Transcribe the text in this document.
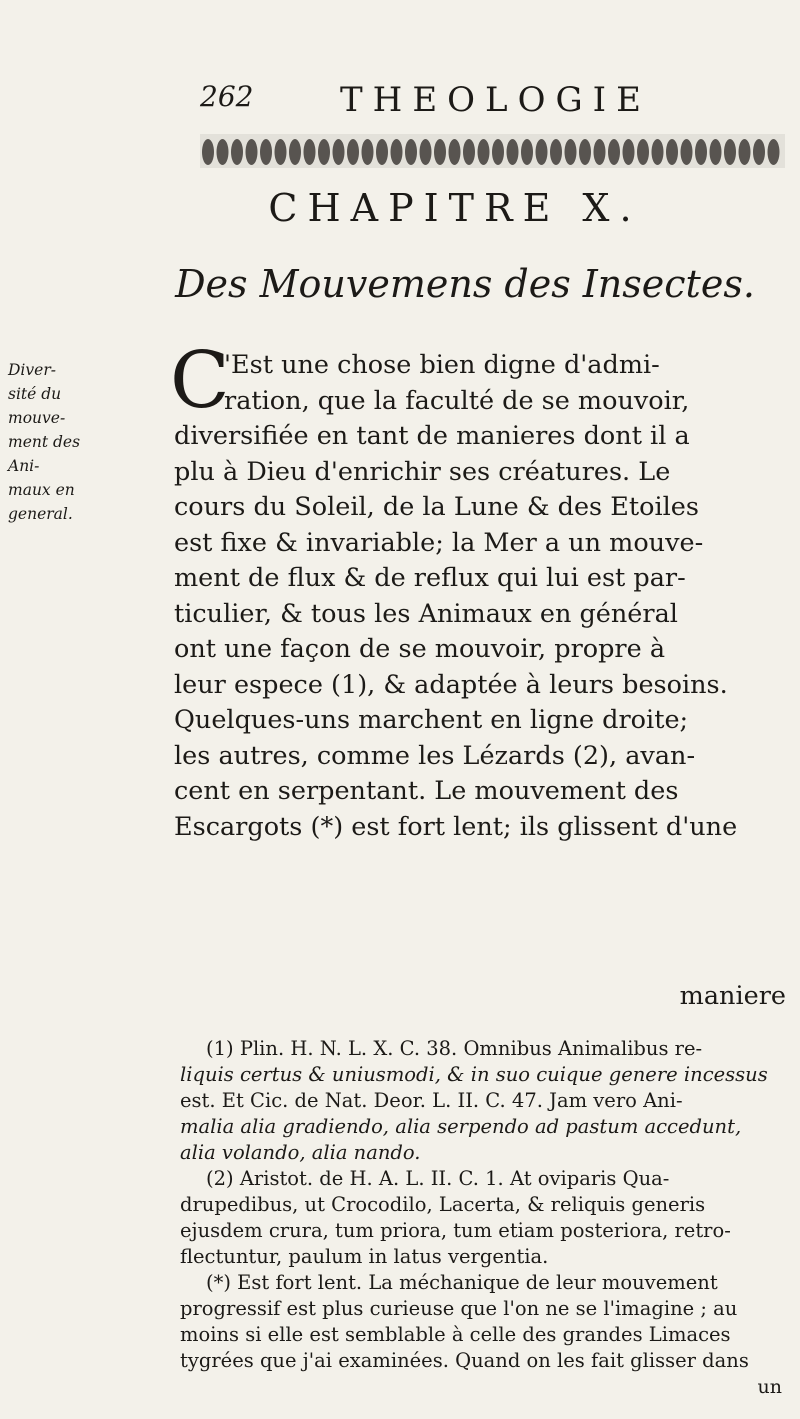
262	THEOLOGIE
CHAPITRE X.
Des Mouvemens des Insectes.
Diver-
sité du
mouve-
ment des
Ani-
maux en
general.
C
'Est une chose bien digne d'admi-
ration, que la faculté de se mouvoir,
diversifiée en tant de manieres dont il a
plu à Dieu d'enrichir ses créatures. Le
cours du Soleil, de la Lune & des Etoiles
est fixe & invariable; la Mer a un mouve-
ment de flux & de reflux qui lui est par-
ticulier, & tous les Animaux en général
ont une façon de se mouvoir, propre à
leur espece (1), & adaptée à leurs besoins.
Quelques-uns marchent en ligne droite;
les autres, comme les Lézards (2), avan-
cent en serpentant. Le mouvement des
Escargots (*) est fort lent; ils glissent d'une
maniere
(1) Plin. H. N. L. X. C. 38. Omnibus Animalibus re-
liquis certus & uniusmodi, & in suo cuique genere incessus
est. Et Cic. de Nat. Deor. L. II. C. 47. Jam vero Ani-
malia alia gradiendo, alia serpendo ad pastum accedunt,
alia volando, alia nando.
(2) Aristot. de H. A. L. II. C. 1. At oviparis Qua-
drupedibus, ut Crocodilo, Lacerta, & reliquis generis
ejusdem crura, tum priora, tum etiam posteriora, retro-
flectuntur, paulum in latus vergentia.
(*) Est fort lent. La méchanique de leur mouvement
progressif est plus curieuse que l'on ne se l'imagine ; au
moins si elle est semblable à celle des grandes Limaces
tygrées que j'ai examinées. Quand on les fait glisser dans
un
